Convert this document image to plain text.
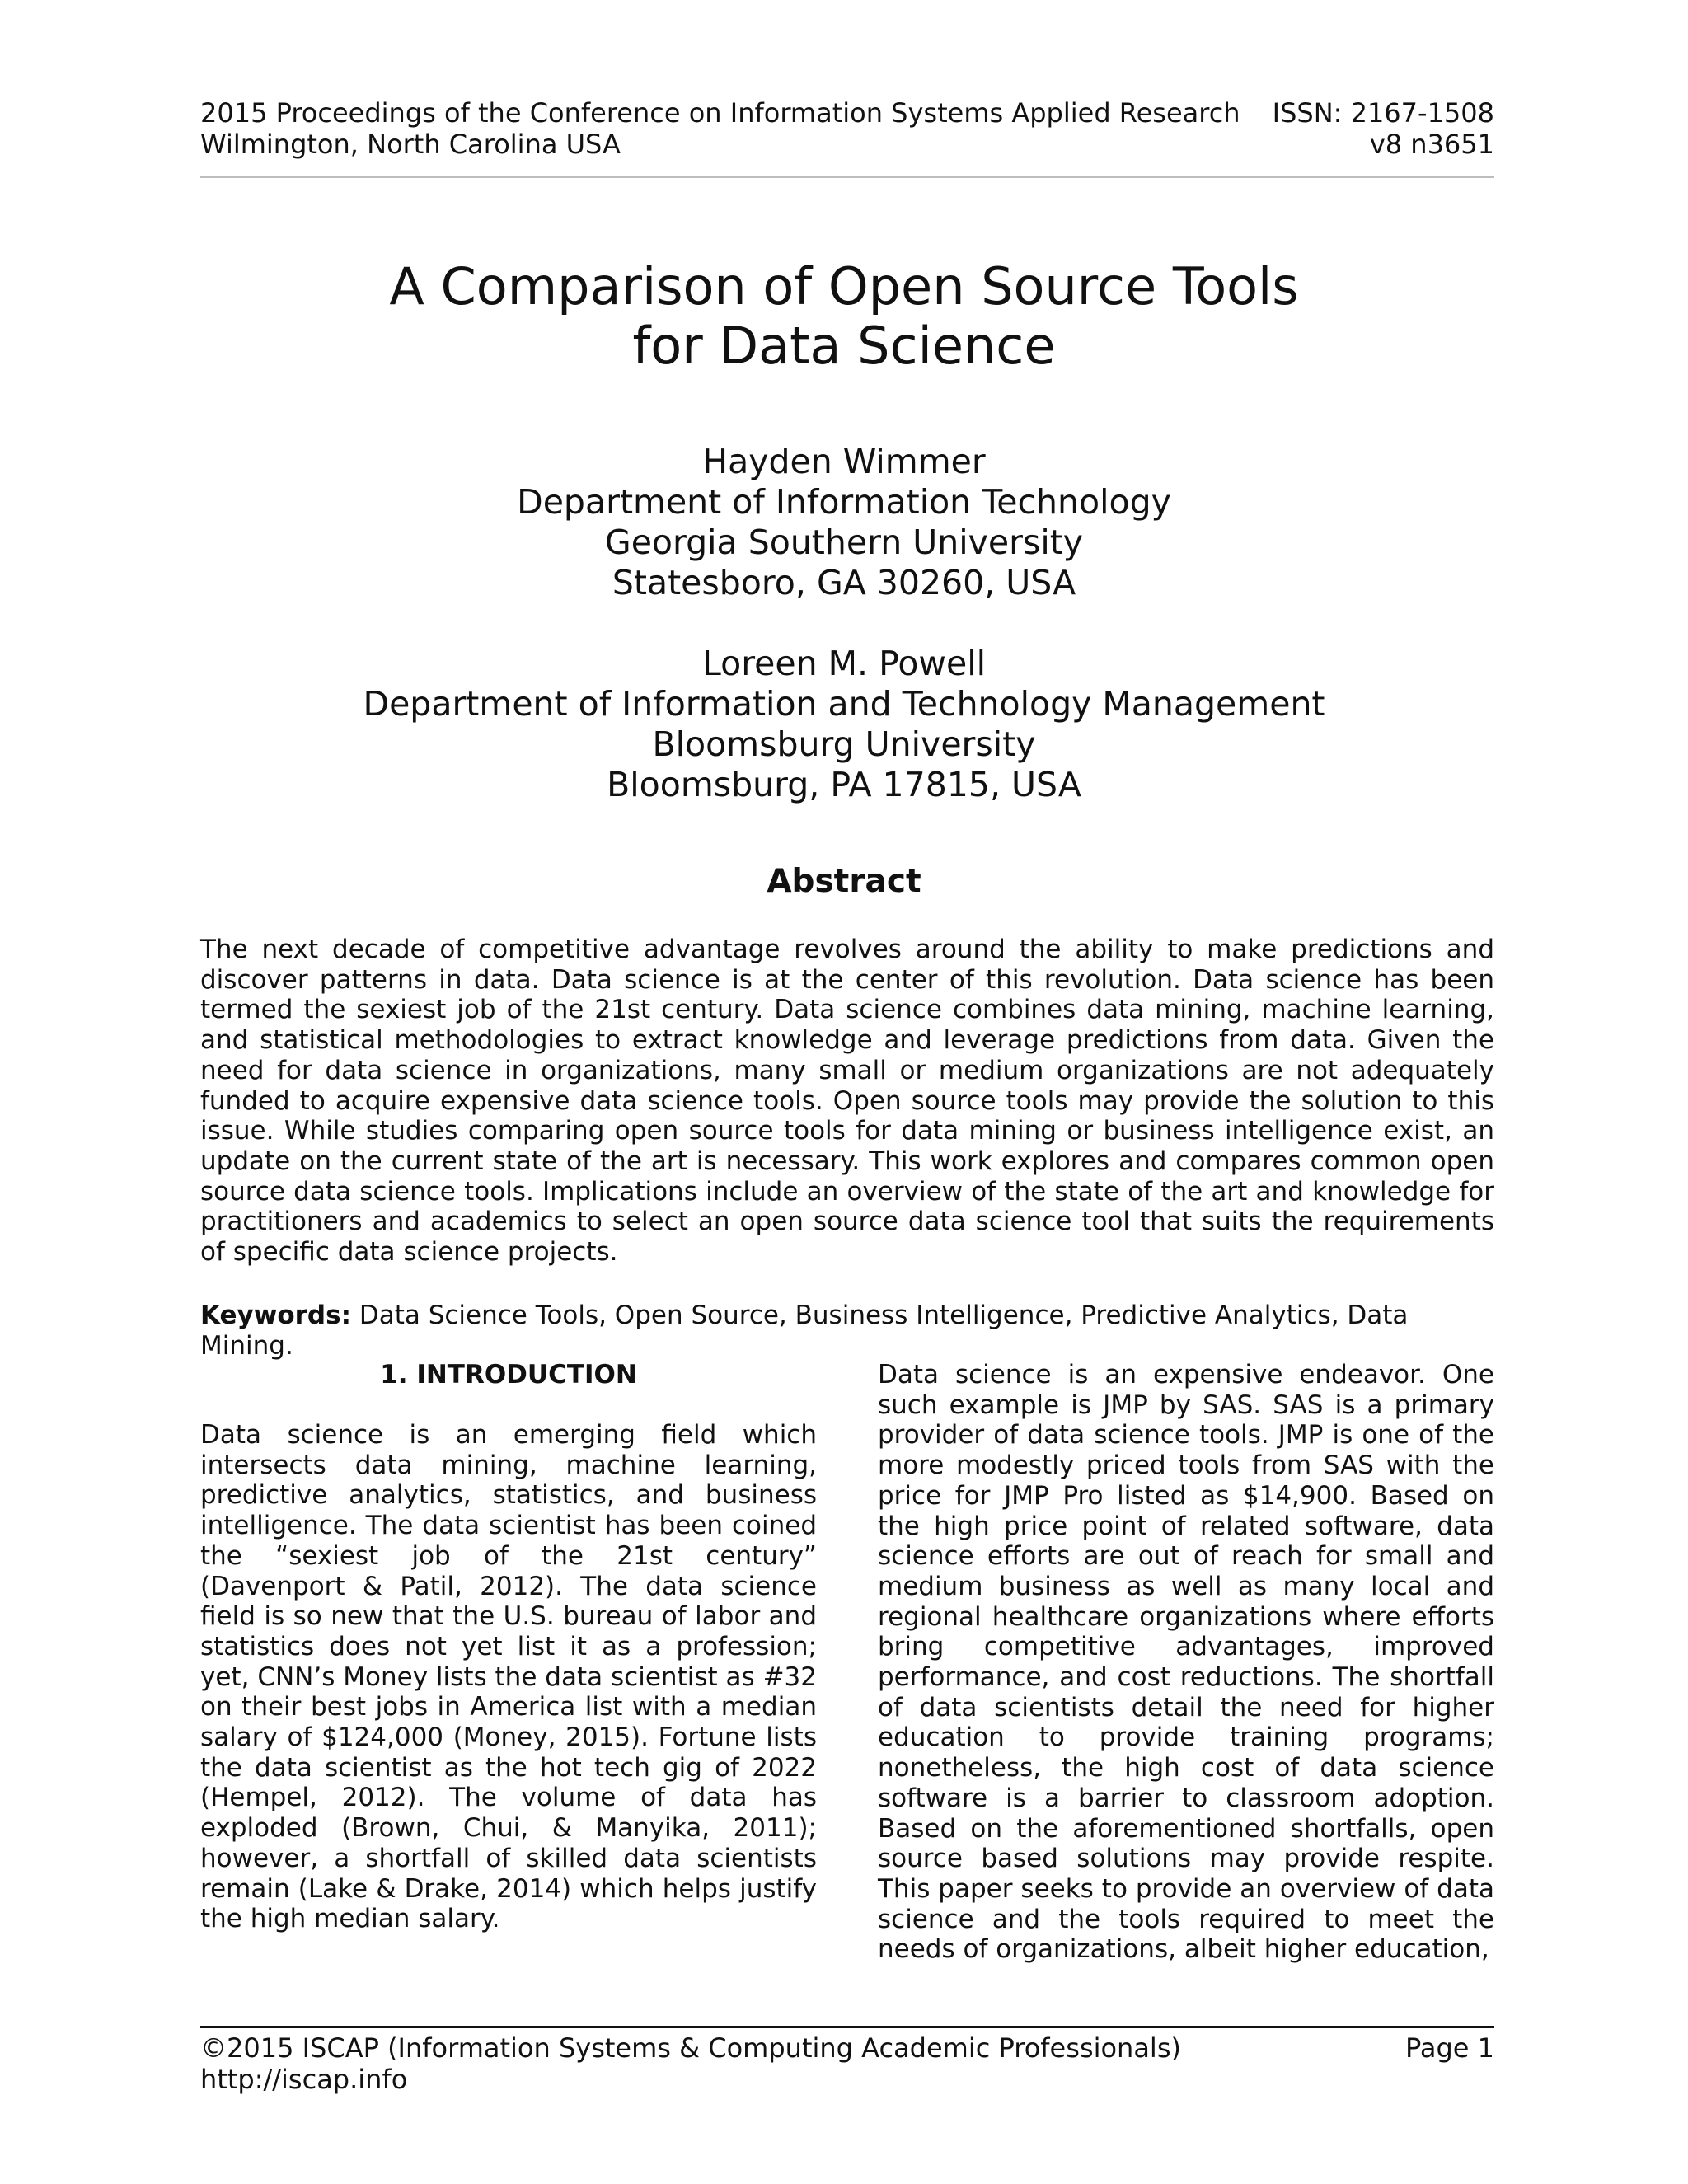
2015 Proceedings of the Conference on Information Systems Applied Research
Wilmington, North Carolina USA
ISSN: 2167-1508
v8 n3651
A Comparison of Open Source Tools
for Data Science
Hayden Wimmer
Department of Information Technology
Georgia Southern University
Statesboro, GA 30260, USA
Loreen M. Powell
Department of Information and Technology Management
Bloomsburg University
Bloomsburg, PA 17815, USA
Abstract
The next decade of competitive advantage revolves around the ability to make predictions and discover patterns in data. Data science is at the center of this revolution. Data science has been termed the sexiest job of the 21st century. Data science combines data mining, machine learning, and statistical methodologies to extract knowledge and leverage predictions from data. Given the need for data science in organizations, many small or medium organizations are not adequately funded to acquire expensive data science tools. Open source tools may provide the solution to this issue. While studies comparing open source tools for data mining or business intelligence exist, an update on the current state of the art is necessary. This work explores and compares common open source data science tools. Implications include an overview of the state of the art and knowledge for practitioners and academics to select an open source data science tool that suits the requirements of specific data science projects.
Keywords: Data Science Tools, Open Source, Business Intelligence, Predictive Analytics, Data Mining.
1. INTRODUCTION
Data science is an emerging field which intersects data mining, machine learning, predictive analytics, statistics, and business intelligence. The data scientist has been coined the “sexiest job of the 21st century” (Davenport & Patil, 2012). The data science field is so new that the U.S. bureau of labor and statistics does not yet list it as a profession; yet, CNN’s Money lists the data scientist as #32 on their best jobs in America list with a median salary of $124,000 (Money, 2015). Fortune lists the data scientist as the hot tech gig of 2022 (Hempel, 2012). The volume of data has exploded (Brown, Chui, & Manyika, 2011); however, a shortfall of skilled data scientists remain (Lake & Drake, 2014) which helps justify the high median salary.
Data science is an expensive endeavor. One such example is JMP by SAS. SAS is a primary provider of data science tools. JMP is one of the more modestly priced tools from SAS with the price for JMP Pro listed as $14,900. Based on the high price point of related software, data science efforts are out of reach for small and medium business as well as many local and regional healthcare organizations where efforts bring competitive advantages, improved performance, and cost reductions. The shortfall of data scientists detail the need for higher education to provide training programs; nonetheless, the high cost of data science software is a barrier to classroom adoption. Based on the aforementioned shortfalls, open source based solutions may provide respite. This paper seeks to provide an overview of data science and the tools required to meet the needs of organizations, albeit higher education,
©2015 ISCAP (Information Systems & Computing Academic Professionals)
http://iscap.info
Page 1
